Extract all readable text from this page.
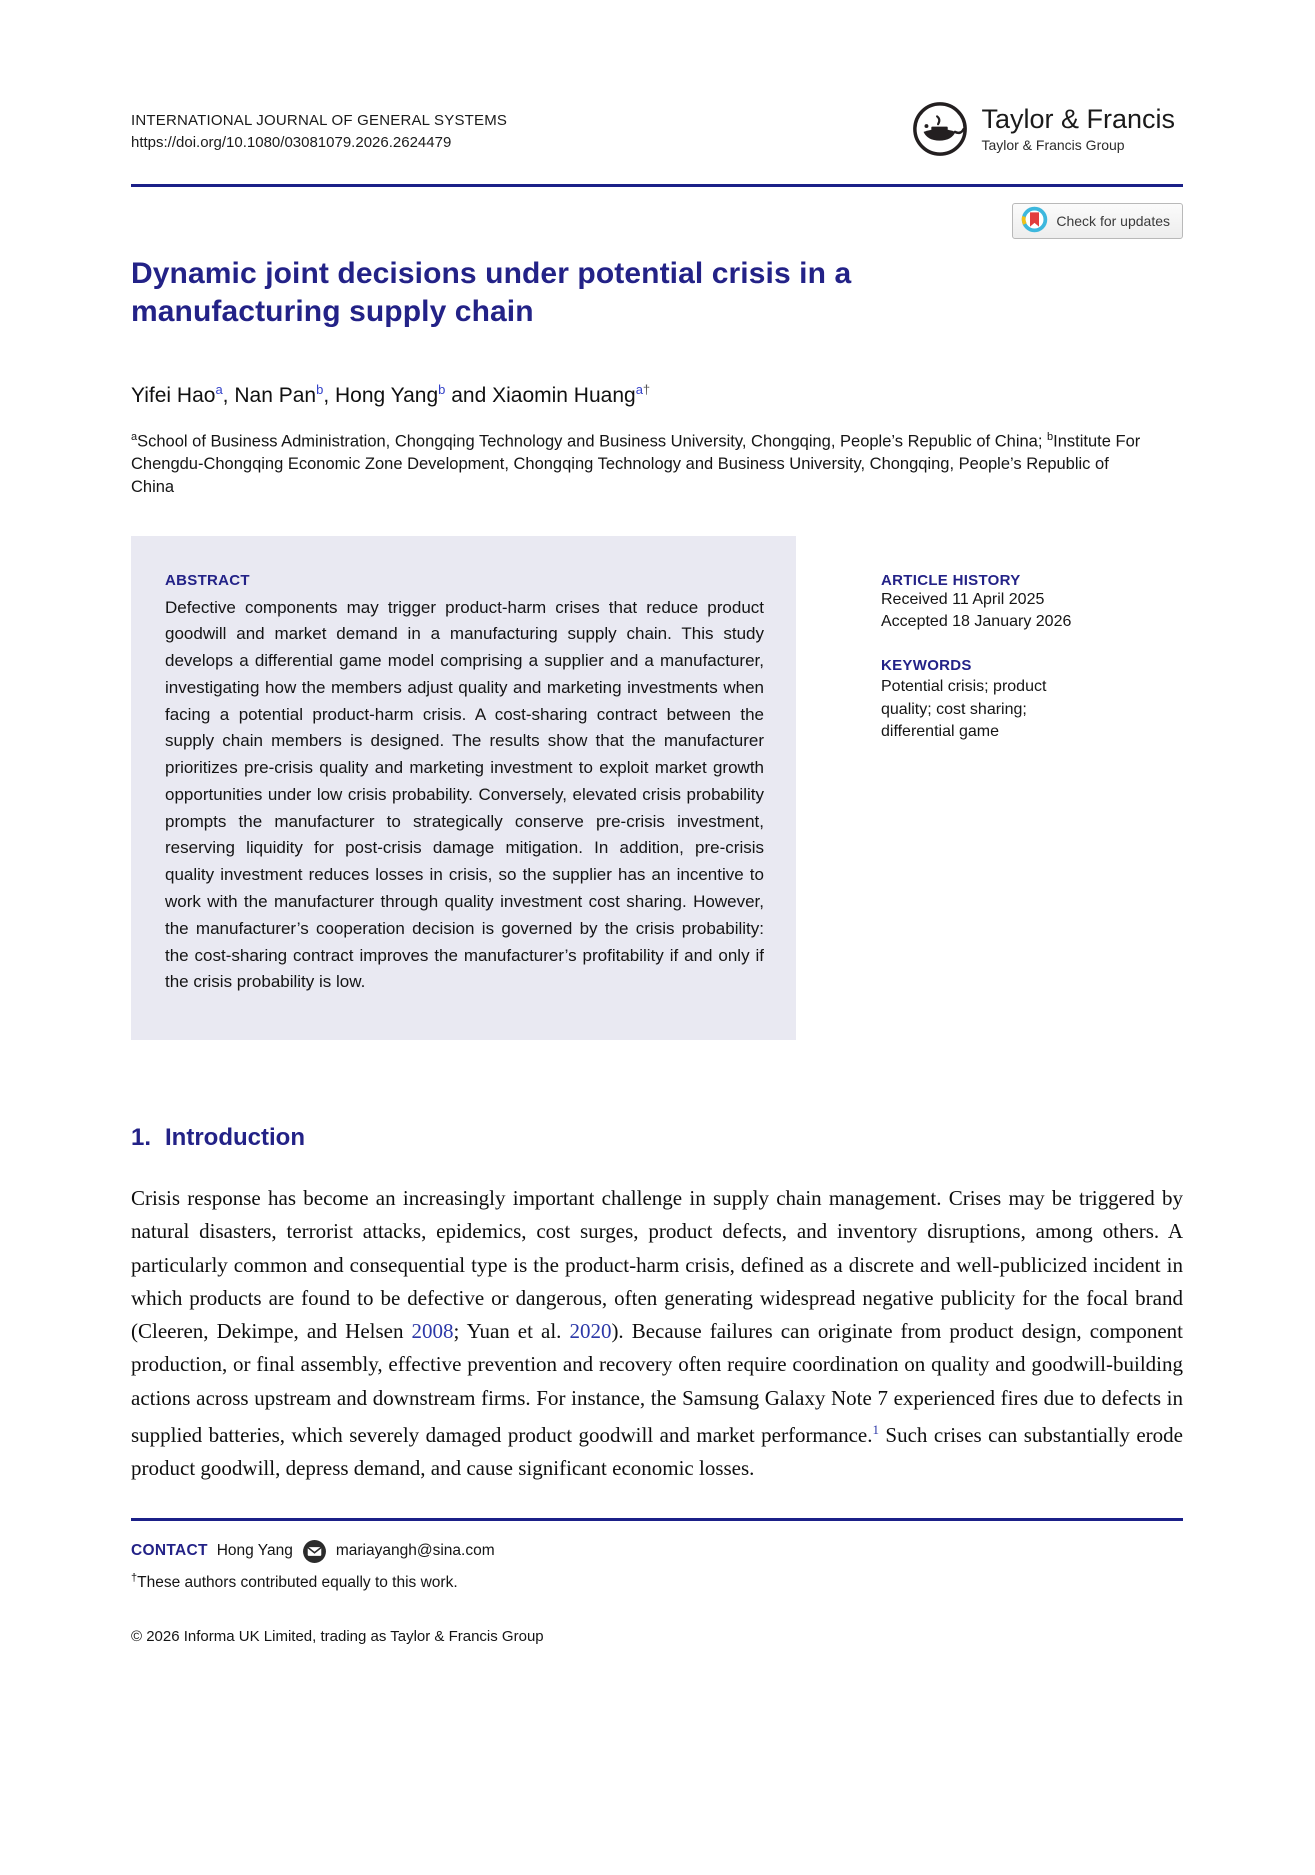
INTERNATIONAL JOURNAL OF GENERAL SYSTEMS
https://doi.org/10.1080/03081079.2026.2624479
Taylor & Francis
Taylor & Francis Group
Check for updates
Dynamic joint decisions under potential crisis in a manufacturing supply chain
Yifei Hao$^a$, Nan Pan$^b$, Hong Yang$^b$ and Xiaomin Huang$^{a\dagger}$

$^a$School of Business Administration, Chongqing Technology and Business University, Chongqing, People’s Republic of China; $^b$Institute For Chengdu-Chongqing Economic Zone Development, Chongqing Technology and Business University, Chongqing, People’s Republic of China

ABSTRACT

Defective components may trigger product-harm crises that reduce product goodwill and market demand in a manufacturing supply chain. This study develops a differential game model comprising a supplier and a manufacturer, investigating how the members adjust quality and marketing investments when facing a potential product-harm crisis. A cost-sharing contract between the supply chain members is designed. The results show that the manufacturer prioritizes pre-crisis quality and marketing investment to exploit market growth opportunities under low crisis probability. Conversely, elevated crisis probability prompts the manufacturer to strategically conserve pre-crisis investment, reserving liquidity for post-crisis damage mitigation. In addition, pre-crisis quality investment reduces losses in crisis, so the supplier has an incentive to work with the manufacturer through quality investment cost sharing. However, the manufacturer’s cooperation decision is governed by the crisis probability: the cost-sharing contract improves the manufacturer’s profitability if and only if the crisis probability is low.

ARTICLE HISTORY
Received 11 April 2025
Accepted 18 January 2026
KEYWORDS
Potential crisis; product quality; cost sharing; differential game
1. Introduction

Crisis response has become an increasingly important challenge in supply chain management. Crises may be triggered by natural disasters, terrorist attacks, epidemics, cost surges, product defects, and inventory disruptions, among others. A particularly common and consequential type is the product-harm crisis, defined as a discrete and well-publicized incident in which products are found to be defective or dangerous, often generating widespread negative publicity for the focal brand (Cleeren, Dekimpe, and Helsen 2008; Yuan et al. 2020). Because failures can originate from product design, component production, or final assembly, effective prevention and recovery often require coordination on quality and goodwill-building actions across upstream and downstream firms. For instance, the Samsung Galaxy Note 7 experienced fires due to defects in supplied batteries, which severely damaged product goodwill and market performance.$^1$ Such crises can substantially erode product goodwill, depress demand, and cause significant economic losses.

CONTACT Hong Yang	mariayangh@sina.com
†These authors contributed equally to this work.
© 2026 Informa UK Limited, trading as Taylor & Francis Group
